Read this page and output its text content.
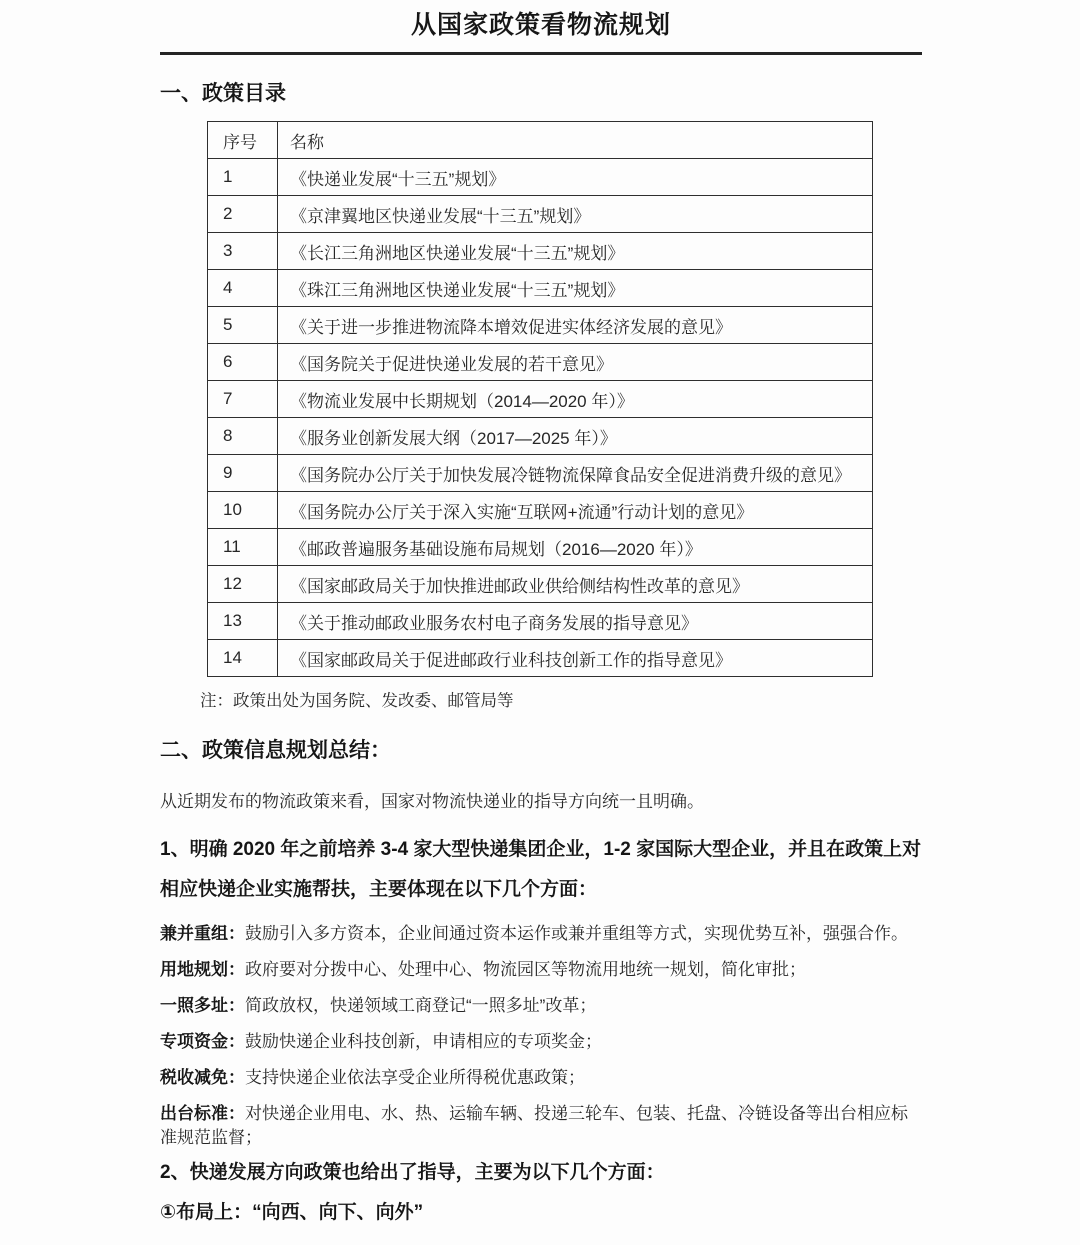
从国家政策看物流规划
一、政策目录
序号	名称
1	《快递业发展“十三五”规划》
2	《京津翼地区快递业发展“十三五”规划》
3	《长江三角洲地区快递业发展“十三五”规划》
4	《珠江三角洲地区快递业发展“十三五”规划》
5	《关于进一步推进物流降本增效促进实体经济发展的意见》
6	《国务院关于促进快递业发展的若干意见》
7	《物流业发展中长期规划（2014—2020 年）》
8	《服务业创新发展大纲（2017—2025 年）》
9	《国务院办公厅关于加快发展冷链物流保障食品安全促进消费升级的意见》
10	《国务院办公厅关于深入实施“互联网+流通”行动计划的意见》
11	《邮政普遍服务基础设施布局规划（2016—2020 年）》
12	《国家邮政局关于加快推进邮政业供给侧结构性改革的意见》
13	《关于推动邮政业服务农村电子商务发展的指导意见》
14	《国家邮政局关于促进邮政行业科技创新工作的指导意见》

注：政策出处为国务院、发改委、邮管局等

二、政策信息规划总结：

从近期发布的物流政策来看，国家对物流快递业的指导方向统一且明确。

1、明确 2020 年之前培养 3-4 家大型快递集团企业，1-2 家国际大型企业，并且在政策上对相应快递企业实施帮扶，主要体现在以下几个方面：

兼并重组：鼓励引入多方资本，企业间通过资本运作或兼并重组等方式，实现优势互补，强强合作。

用地规划：政府要对分拨中心、处理中心、物流园区等物流用地统一规划，简化审批；

一照多址：简政放权，快递领域工商登记“一照多址”改革；

专项资金：鼓励快递企业科技创新，申请相应的专项奖金；

税收减免：支持快递企业依法享受企业所得税优惠政策；

出台标准：对快递企业用电、水、热、运输车辆、投递三轮车、包装、托盘、冷链设备等出台相应标准规范监督；

2、快递发展方向政策也给出了指导，主要为以下几个方面：

①布局上：“向西、向下、向外”
